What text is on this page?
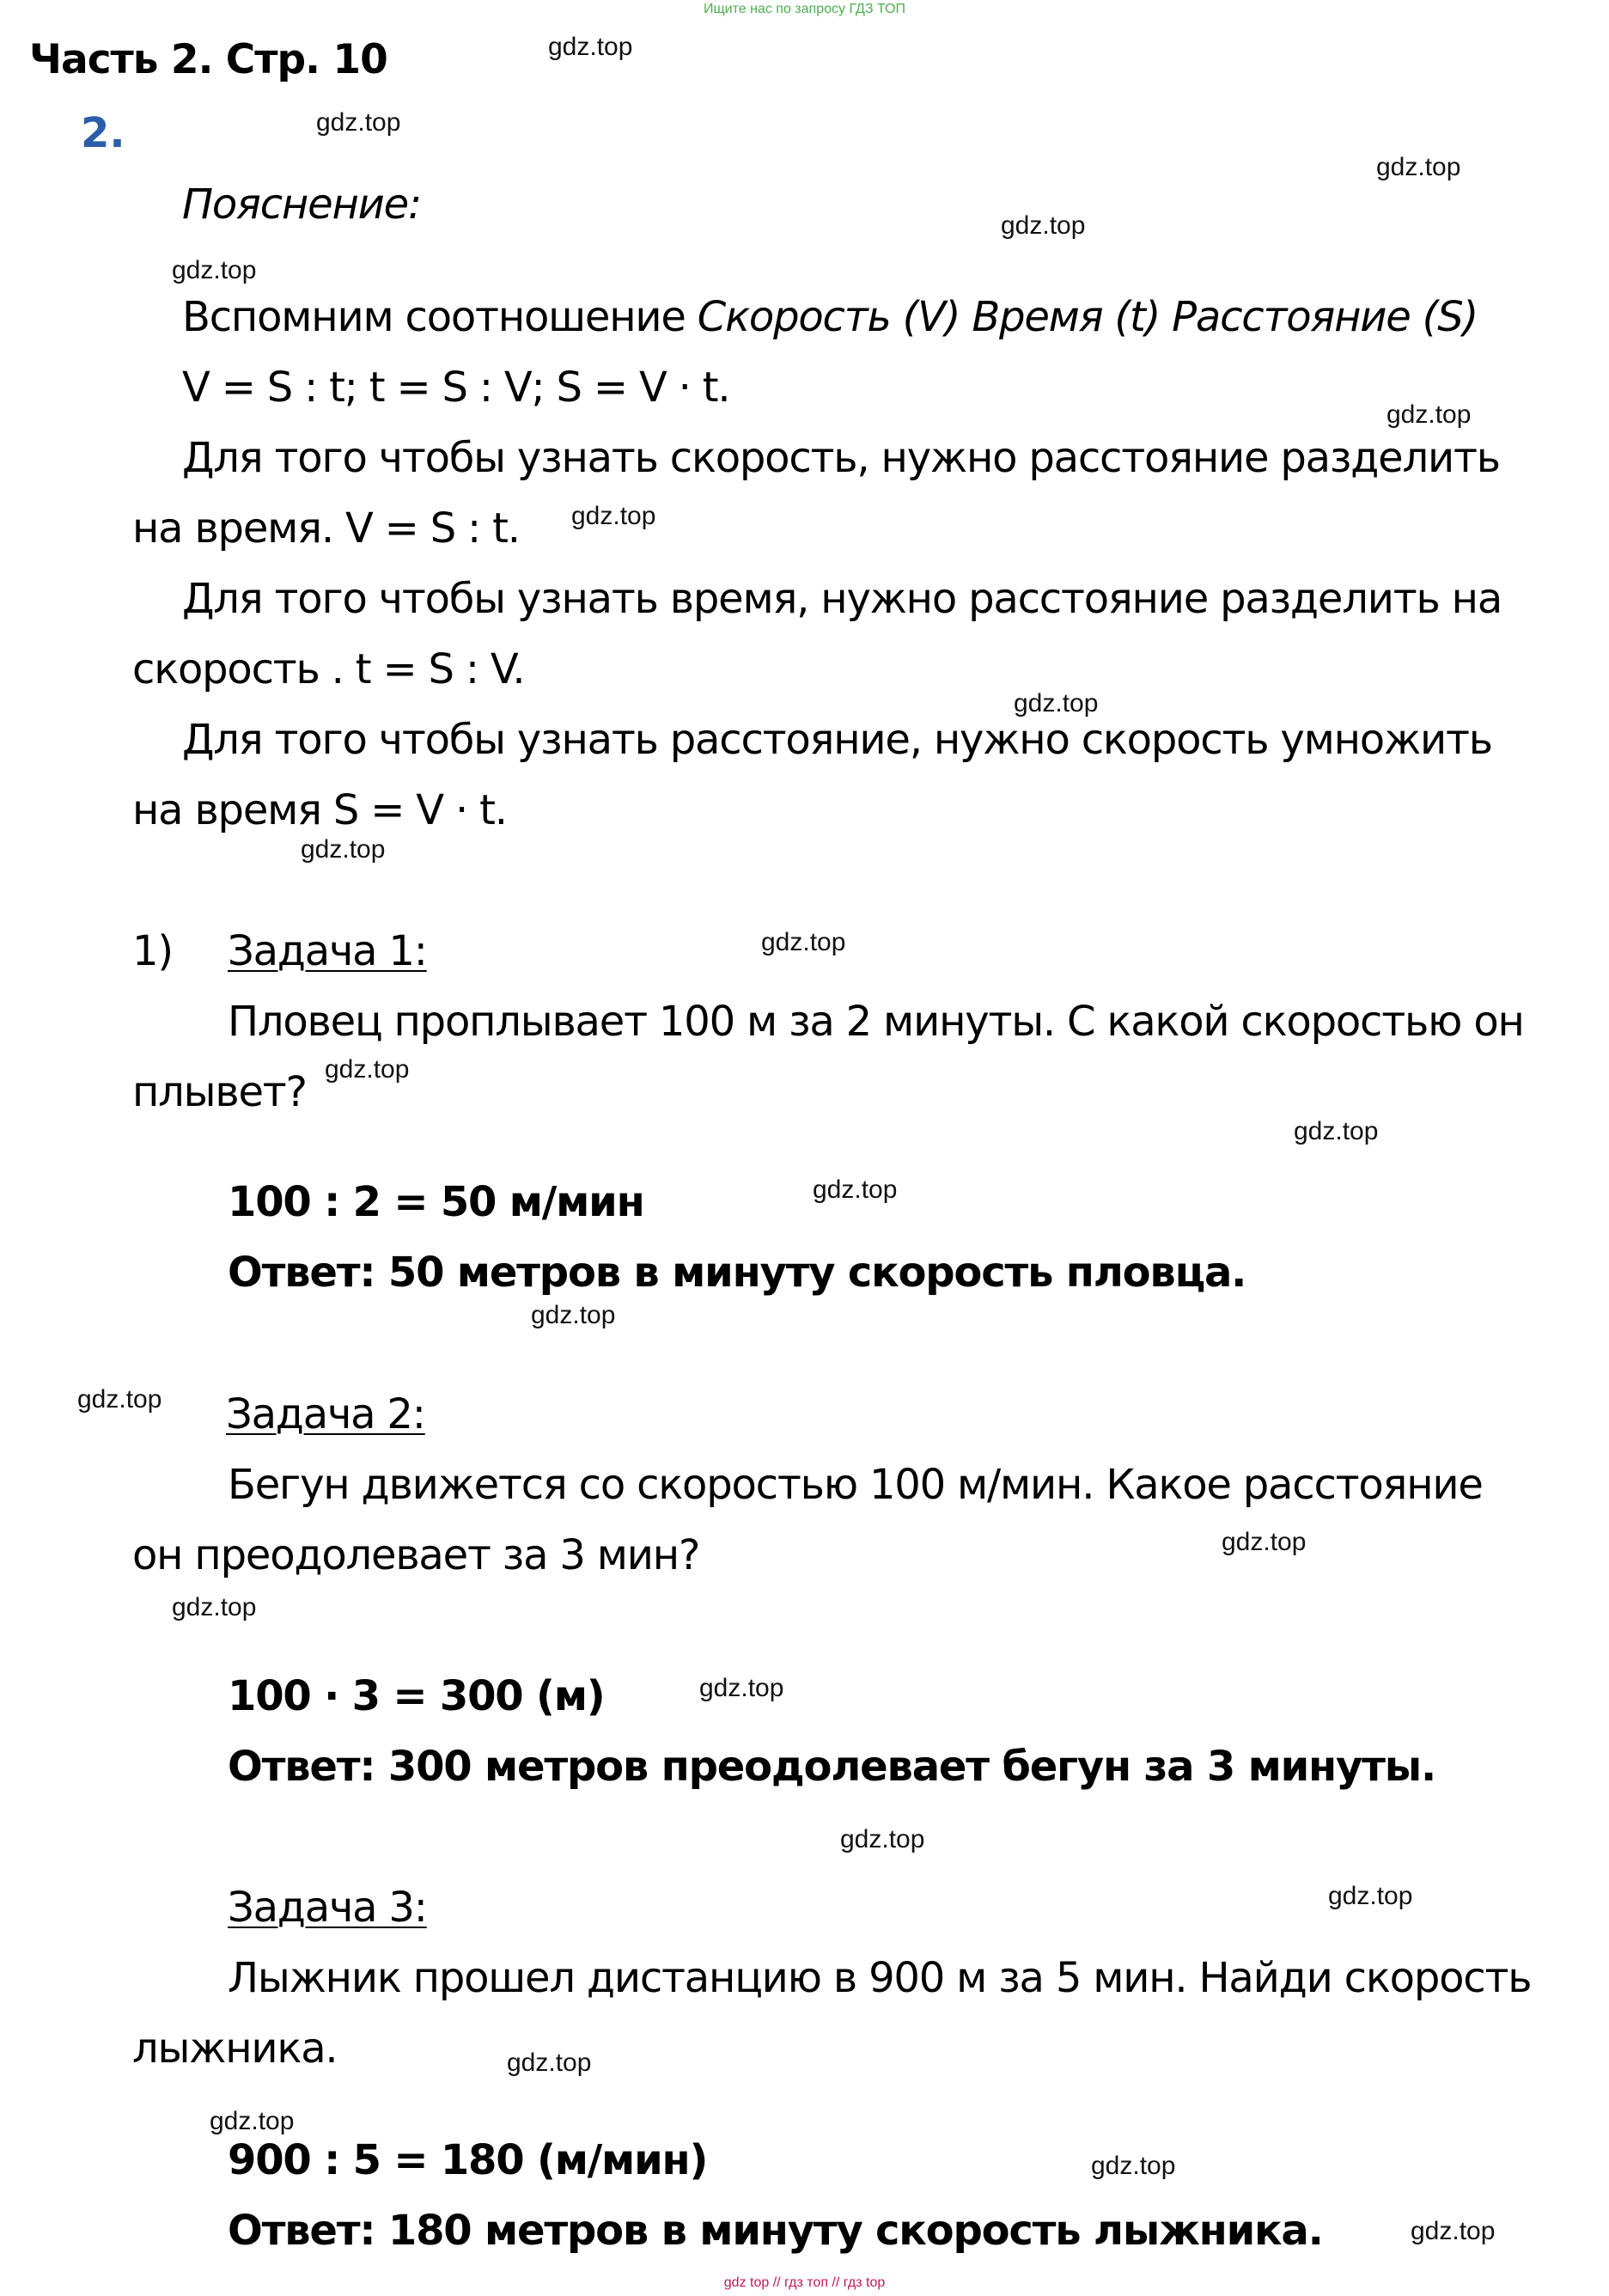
Ищите нас по запросу ГДЗ ТОП
Часть 2. Стр. 10
2.
Пояснение:
Вспомним соотношение Скорость (V) Время (t) Расстояние (S)
V = S : t; t = S : V; S = V · t.
Для того чтобы узнать скорость, нужно расстояние разделить
на время. V = S : t.
Для того чтобы узнать время, нужно расстояние разделить на
скорость . t = S : V.
Для того чтобы узнать расстояние, нужно скорость умножить
на время S = V · t.
1) Задача 1:
Пловец проплывает 100 м за 2 минуты. С какой скоростью он
плывет?
100 : 2 = 50 м/мин
Ответ: 50 метров в минуту скорость пловца.
Задача 2:
Бегун движется со скоростью 100 м/мин. Какое расстояние
он преодолевает за 3 мин?
100 · 3 = 300 (м)
Ответ: 300 метров преодолевает бегун за 3 минуты.
Задача 3:
Лыжник прошел дистанцию в 900 м за 5 мин. Найди скорость
лыжника.
900 : 5 = 180 (м/мин)
Ответ: 180 метров в минуту скорость лыжника.
gdz.top
gdz.top
gdz.top
gdz.top
gdz.top
gdz.top
gdz.top
gdz.top
gdz.top
gdz.top
gdz.top
gdz.top
gdz.top
gdz.top
gdz.top
gdz.top
gdz.top
gdz.top
gdz.top
gdz.top
gdz.top
gdz.top
gdz.top
gdz.top
gdz top // гдз топ // гдз top
